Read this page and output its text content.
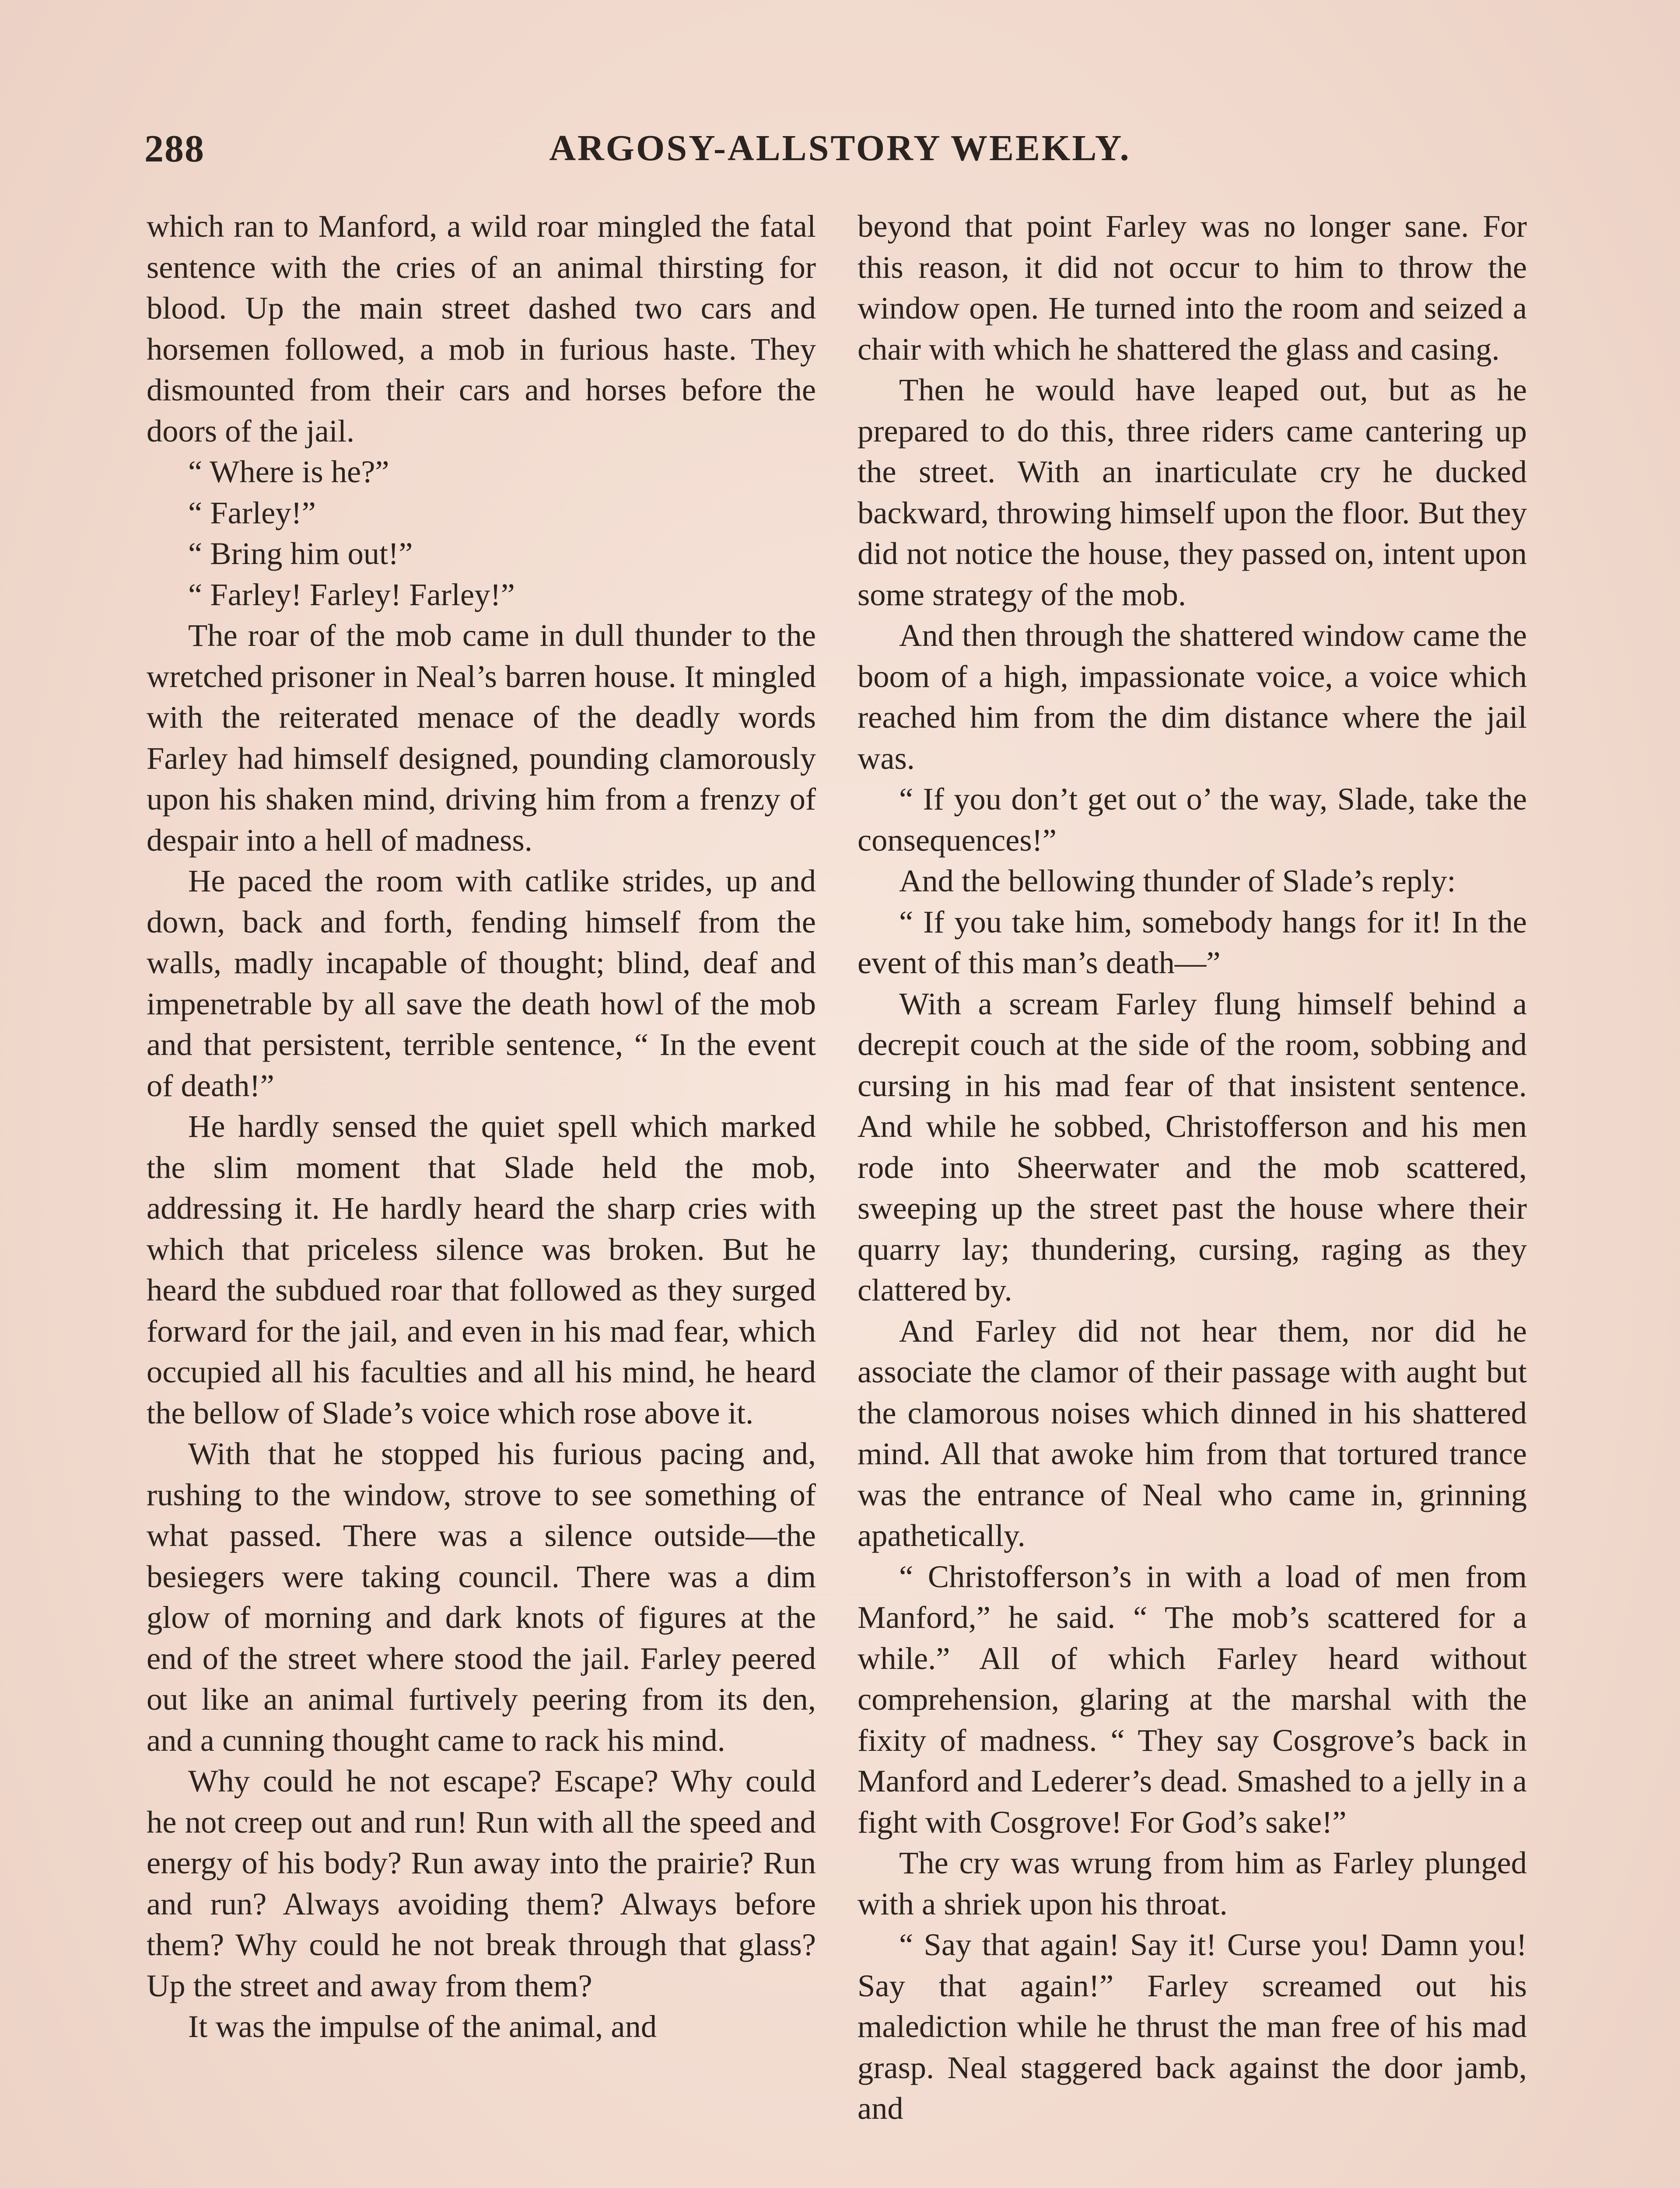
288	ARGOSY-ALLSTORY WEEKLY.

which ran to Manford, a wild roar mingled the fatal sentence with the cries of an animal thirsting for blood. Up the main street dashed two cars and horsemen followed, a mob in furious haste. They dismounted from their cars and horses before the doors of the jail.

“ Where is he?”

“ Farley!”

“ Bring him out!”

“ Farley! Farley! Farley!”

The roar of the mob came in dull thunder to the wretched prisoner in Neal’s barren house. It mingled with the reiterated menace of the deadly words Farley had himself designed, pounding clamorously upon his shaken mind, driving him from a frenzy of despair into a hell of madness.

He paced the room with catlike strides, up and down, back and forth, fending himself from the walls, madly incapable of thought; blind, deaf and impenetrable by all save the death howl of the mob and that persistent, terrible sentence, “ In the event of death!”

He hardly sensed the quiet spell which marked the slim moment that Slade held the mob, addressing it. He hardly heard the sharp cries with which that priceless silence was broken. But he heard the subdued roar that followed as they surged forward for the jail, and even in his mad fear, which occupied all his faculties and all his mind, he heard the bellow of Slade’s voice which rose above it.

With that he stopped his furious pacing and, rushing to the window, strove to see something of what passed. There was a silence outside—the besiegers were taking council. There was a dim glow of morning and dark knots of figures at the end of the street where stood the jail. Farley peered out like an animal furtively peering from its den, and a cunning thought came to rack his mind.

Why could he not escape? Escape? Why could he not creep out and run! Run with all the speed and energy of his body? Run away into the prairie? Run and run? Always avoiding them? Always before them? Why could he not break through that glass? Up the street and away from them?

It was the impulse of the animal, and

beyond that point Farley was no longer sane. For this reason, it did not occur to him to throw the window open. He turned into the room and seized a chair with which he shattered the glass and casing.

Then he would have leaped out, but as he prepared to do this, three riders came cantering up the street. With an inarticulate cry he ducked backward, throwing himself upon the floor. But they did not notice the house, they passed on, intent upon some strategy of the mob.

And then through the shattered window came the boom of a high, impassionate voice, a voice which reached him from the dim distance where the jail was.

“ If you don’t get out o’ the way, Slade, take the consequences!”

And the bellowing thunder of Slade’s reply:

“ If you take him, somebody hangs for it! In the event of this man’s death—”

With a scream Farley flung himself behind a decrepit couch at the side of the room, sobbing and cursing in his mad fear of that insistent sentence. And while he sobbed, Christofferson and his men rode into Sheerwater and the mob scattered, sweeping up the street past the house where their quarry lay; thundering, cursing, raging as they clattered by.

And Farley did not hear them, nor did he associate the clamor of their passage with aught but the clamorous noises which dinned in his shattered mind. All that awoke him from that tortured trance was the entrance of Neal who came in, grinning apathetically.

“ Christofferson’s in with a load of men from Manford,” he said. “ The mob’s scattered for a while.” All of which Farley heard without comprehension, glaring at the marshal with the fixity of madness. “ They say Cosgrove’s back in Manford and Lederer’s dead. Smashed to a jelly in a fight with Cosgrove! For God’s sake!”

The cry was wrung from him as Farley plunged with a shriek upon his throat.

“ Say that again! Say it! Curse you! Damn you! Say that again!” Farley screamed out his malediction while he thrust the man free of his mad grasp. Neal staggered back against the door jamb, and
